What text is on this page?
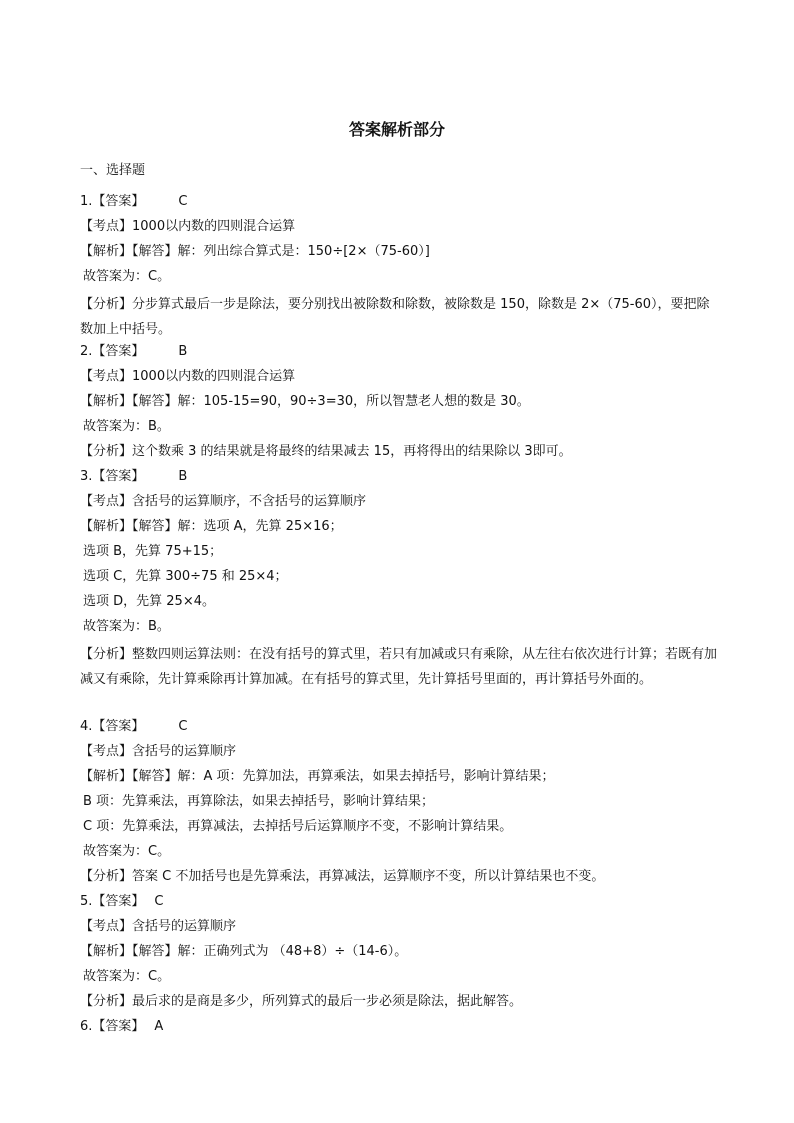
答案解析部分
一、选择题
1.【答案】	C
【考点】1000以内数的四则混合运算
【解析】【解答】解：列出综合算式是：150÷[2×（75-60）]
故答案为：C。
【分析】分步算式最后一步是除法，要分别找出被除数和除数，被除数是 150，除数是 2×（75-60），要把除数加上中括号。
2.【答案】	B
【考点】1000以内数的四则混合运算
【解析】【解答】解：105-15=90，90÷3=30，所以智慧老人想的数是 30。
故答案为：B。
【分析】这个数乘 3 的结果就是将最终的结果减去 15，再将得出的结果除以 3即可。
3.【答案】	B
【考点】含括号的运算顺序，不含括号的运算顺序
【解析】【解答】解：选项 A，先算 25×16；
选项 B，先算 75+15；
选项 C，先算 300÷75 和 25×4；
选项 D，先算 25×4。
故答案为：B。
【分析】整数四则运算法则：在没有括号的算式里，若只有加减或只有乘除，从左往右依次进行计算；若既有加减又有乘除，先计算乘除再计算加减。在有括号的算式里，先计算括号里面的，再计算括号外面的。
4.【答案】	C
【考点】含括号的运算顺序
【解析】【解答】解：A 项：先算加法，再算乘法，如果去掉括号，影响计算结果；
B 项：先算乘法，再算除法，如果去掉括号，影响计算结果；
C 项：先算乘法，再算减法，去掉括号后运算顺序不变，不影响计算结果。
故答案为：C。
【分析】答案 C 不加括号也是先算乘法，再算减法，运算顺序不变，所以计算结果也不变。
5.【答案】 C
【考点】含括号的运算顺序
【解析】【解答】解：正确列式为 （48+8）÷（14-6）。
故答案为：C。
【分析】最后求的是商是多少，所列算式的最后一步必须是除法，据此解答。
6.【答案】 A
